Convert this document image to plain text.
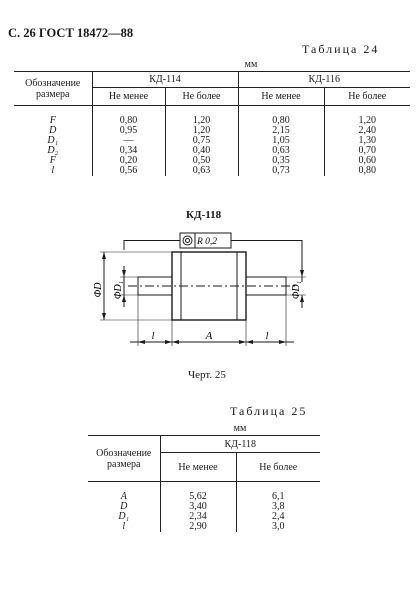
С. 26 ГОСТ 18472—88
Таблица 24
	мм			
Обозначение размера	КД-114		КД-116	
	Не менее	Не более	Не менее	Не более

F	0,80	1,20	0,80	1,20
D	0,95	1,20	2,15	2,40
D₁	—	0,75	1,05	1,30
D₂	0,34	0,40	0,63	0,70
F	0,20	0,50	0,35	0,60
l	0,56	0,63	0,73	0,80
КД-118
R 0,2
ΦD ΦD₁	ΦD₁
l	A	l
Черт. 25
Таблица 25
	мм	
Обозначение размера	КД-118	
	Не менее	Не более

A	5,62	6,1
D	3,40	3,8
D₁	2,34	2,4
l	2,90	3,0
